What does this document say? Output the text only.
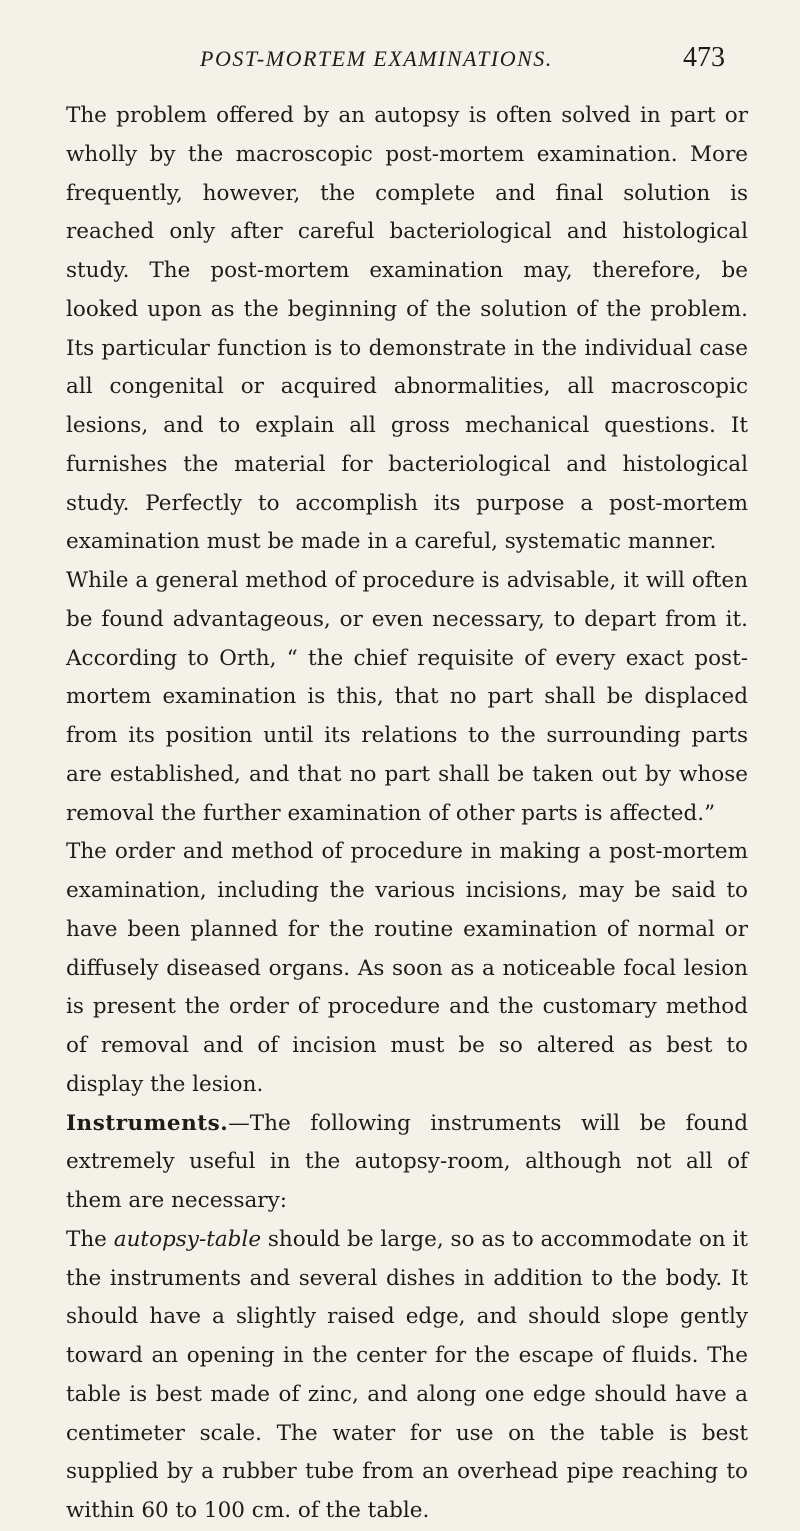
POST-MORTEM EXAMINATIONS.	473

The problem offered by an autopsy is often solved in part or wholly by the macroscopic post-mortem examination. More frequently, however, the complete and final solution is reached only after careful bacteriological and histological study. The post-mortem examination may, therefore, be looked upon as the beginning of the solution of the problem. Its particular function is to demonstrate in the individual case all congenital or acquired abnormalities, all macroscopic lesions, and to explain all gross mechanical questions. It furnishes the material for bacteriological and histological study. Perfectly to accomplish its purpose a post-mortem examination must be made in a careful, systematic manner.

While a general method of procedure is advisable, it will often be found advantageous, or even necessary, to depart from it. According to Orth, “ the chief requisite of every exact post-mortem examination is this, that no part shall be displaced from its position until its relations to the surrounding parts are established, and that no part shall be taken out by whose removal the further examination of other parts is affected.”

The order and method of procedure in making a post-mortem examination, including the various incisions, may be said to have been planned for the routine examination of normal or diffusely diseased organs. As soon as a noticeable focal lesion is present the order of procedure and the customary method of removal and of incision must be so altered as best to display the lesion.

Instruments.—The following instruments will be found extremely useful in the autopsy-room, although not all of them are necessary:

The autopsy-table should be large, so as to accommodate on it the instruments and several dishes in addition to the body. It should have a slightly raised edge, and should slope gently toward an opening in the center for the escape of fluids. The table is best made of zinc, and along one edge should have a centimeter scale. The water for use on the table is best supplied by a rubber tube from an overhead pipe reaching to within 60 to 100 cm. of the table.
